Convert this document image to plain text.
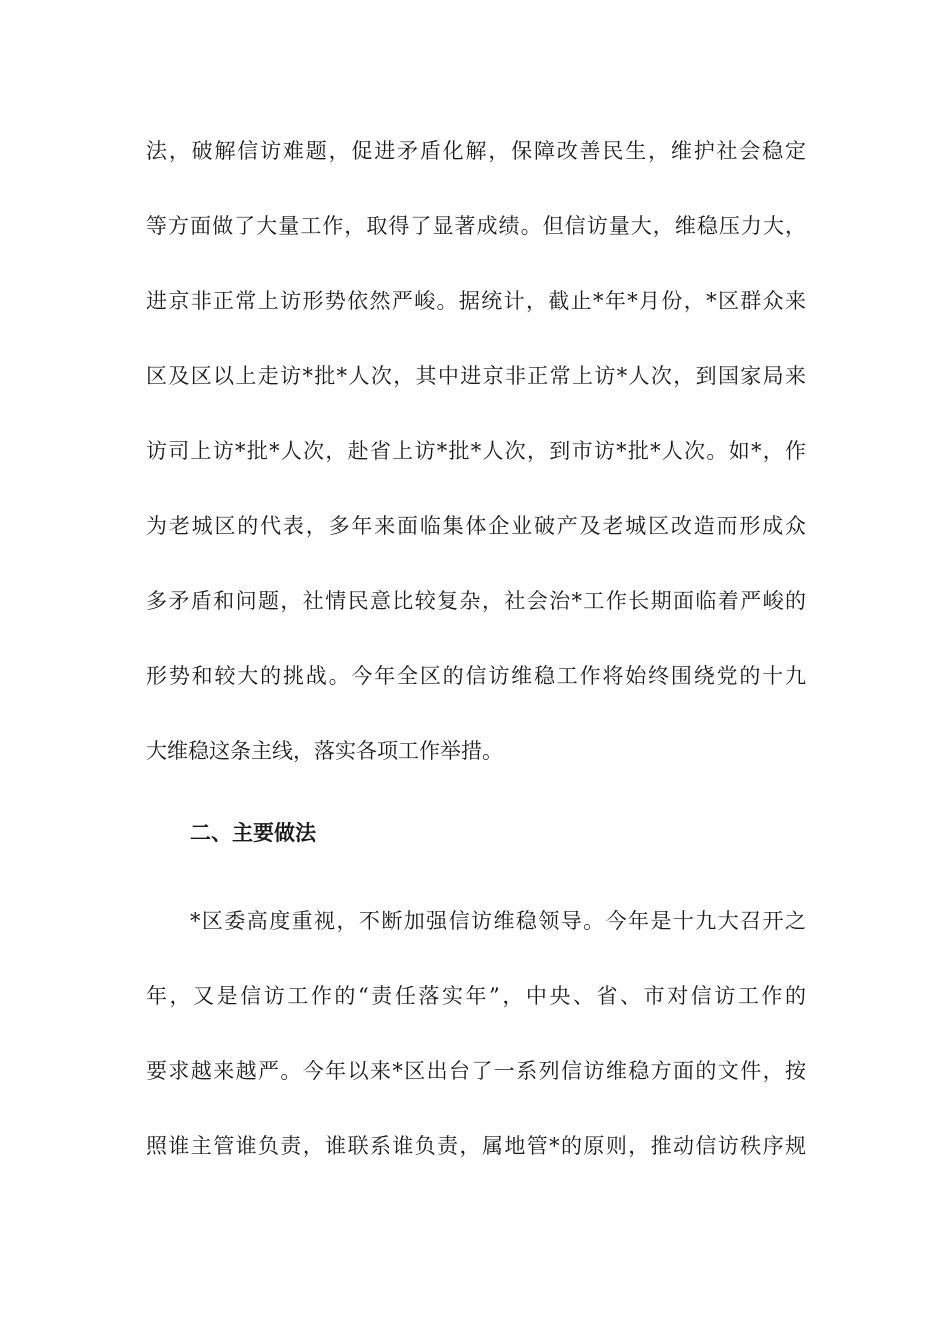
法，破解信访难题，促进矛盾化解，保障改善民生，维护社会稳定
等方面做了大量工作，取得了显著成绩。但信访量大，维稳压力大，
进京非正常上访形势依然严峻。据统计，截止*年*月份，*区群众来
区及区以上走访*批*人次，其中进京非正常上访*人次，到国家局来
访司上访*批*人次，赴省上访*批*人次，到市访*批*人次。如*，作
为老城区的代表，多年来面临集体企业破产及老城区改造而形成众
多矛盾和问题，社情民意比较复杂，社会治*工作长期面临着严峻的
形势和较大的挑战。今年全区的信访维稳工作将始终围绕党的十九
大维稳这条主线，落实各项工作举措。
二、主要做法
*区委高度重视，不断加强信访维稳领导。今年是十九大召开之
年，又是信访工作的“责任落实年”，中央、省、市对信访工作的
要求越来越严。今年以来*区出台了一系列信访维稳方面的文件，按
照谁主管谁负责，谁联系谁负责，属地管*的原则，推动信访秩序规
